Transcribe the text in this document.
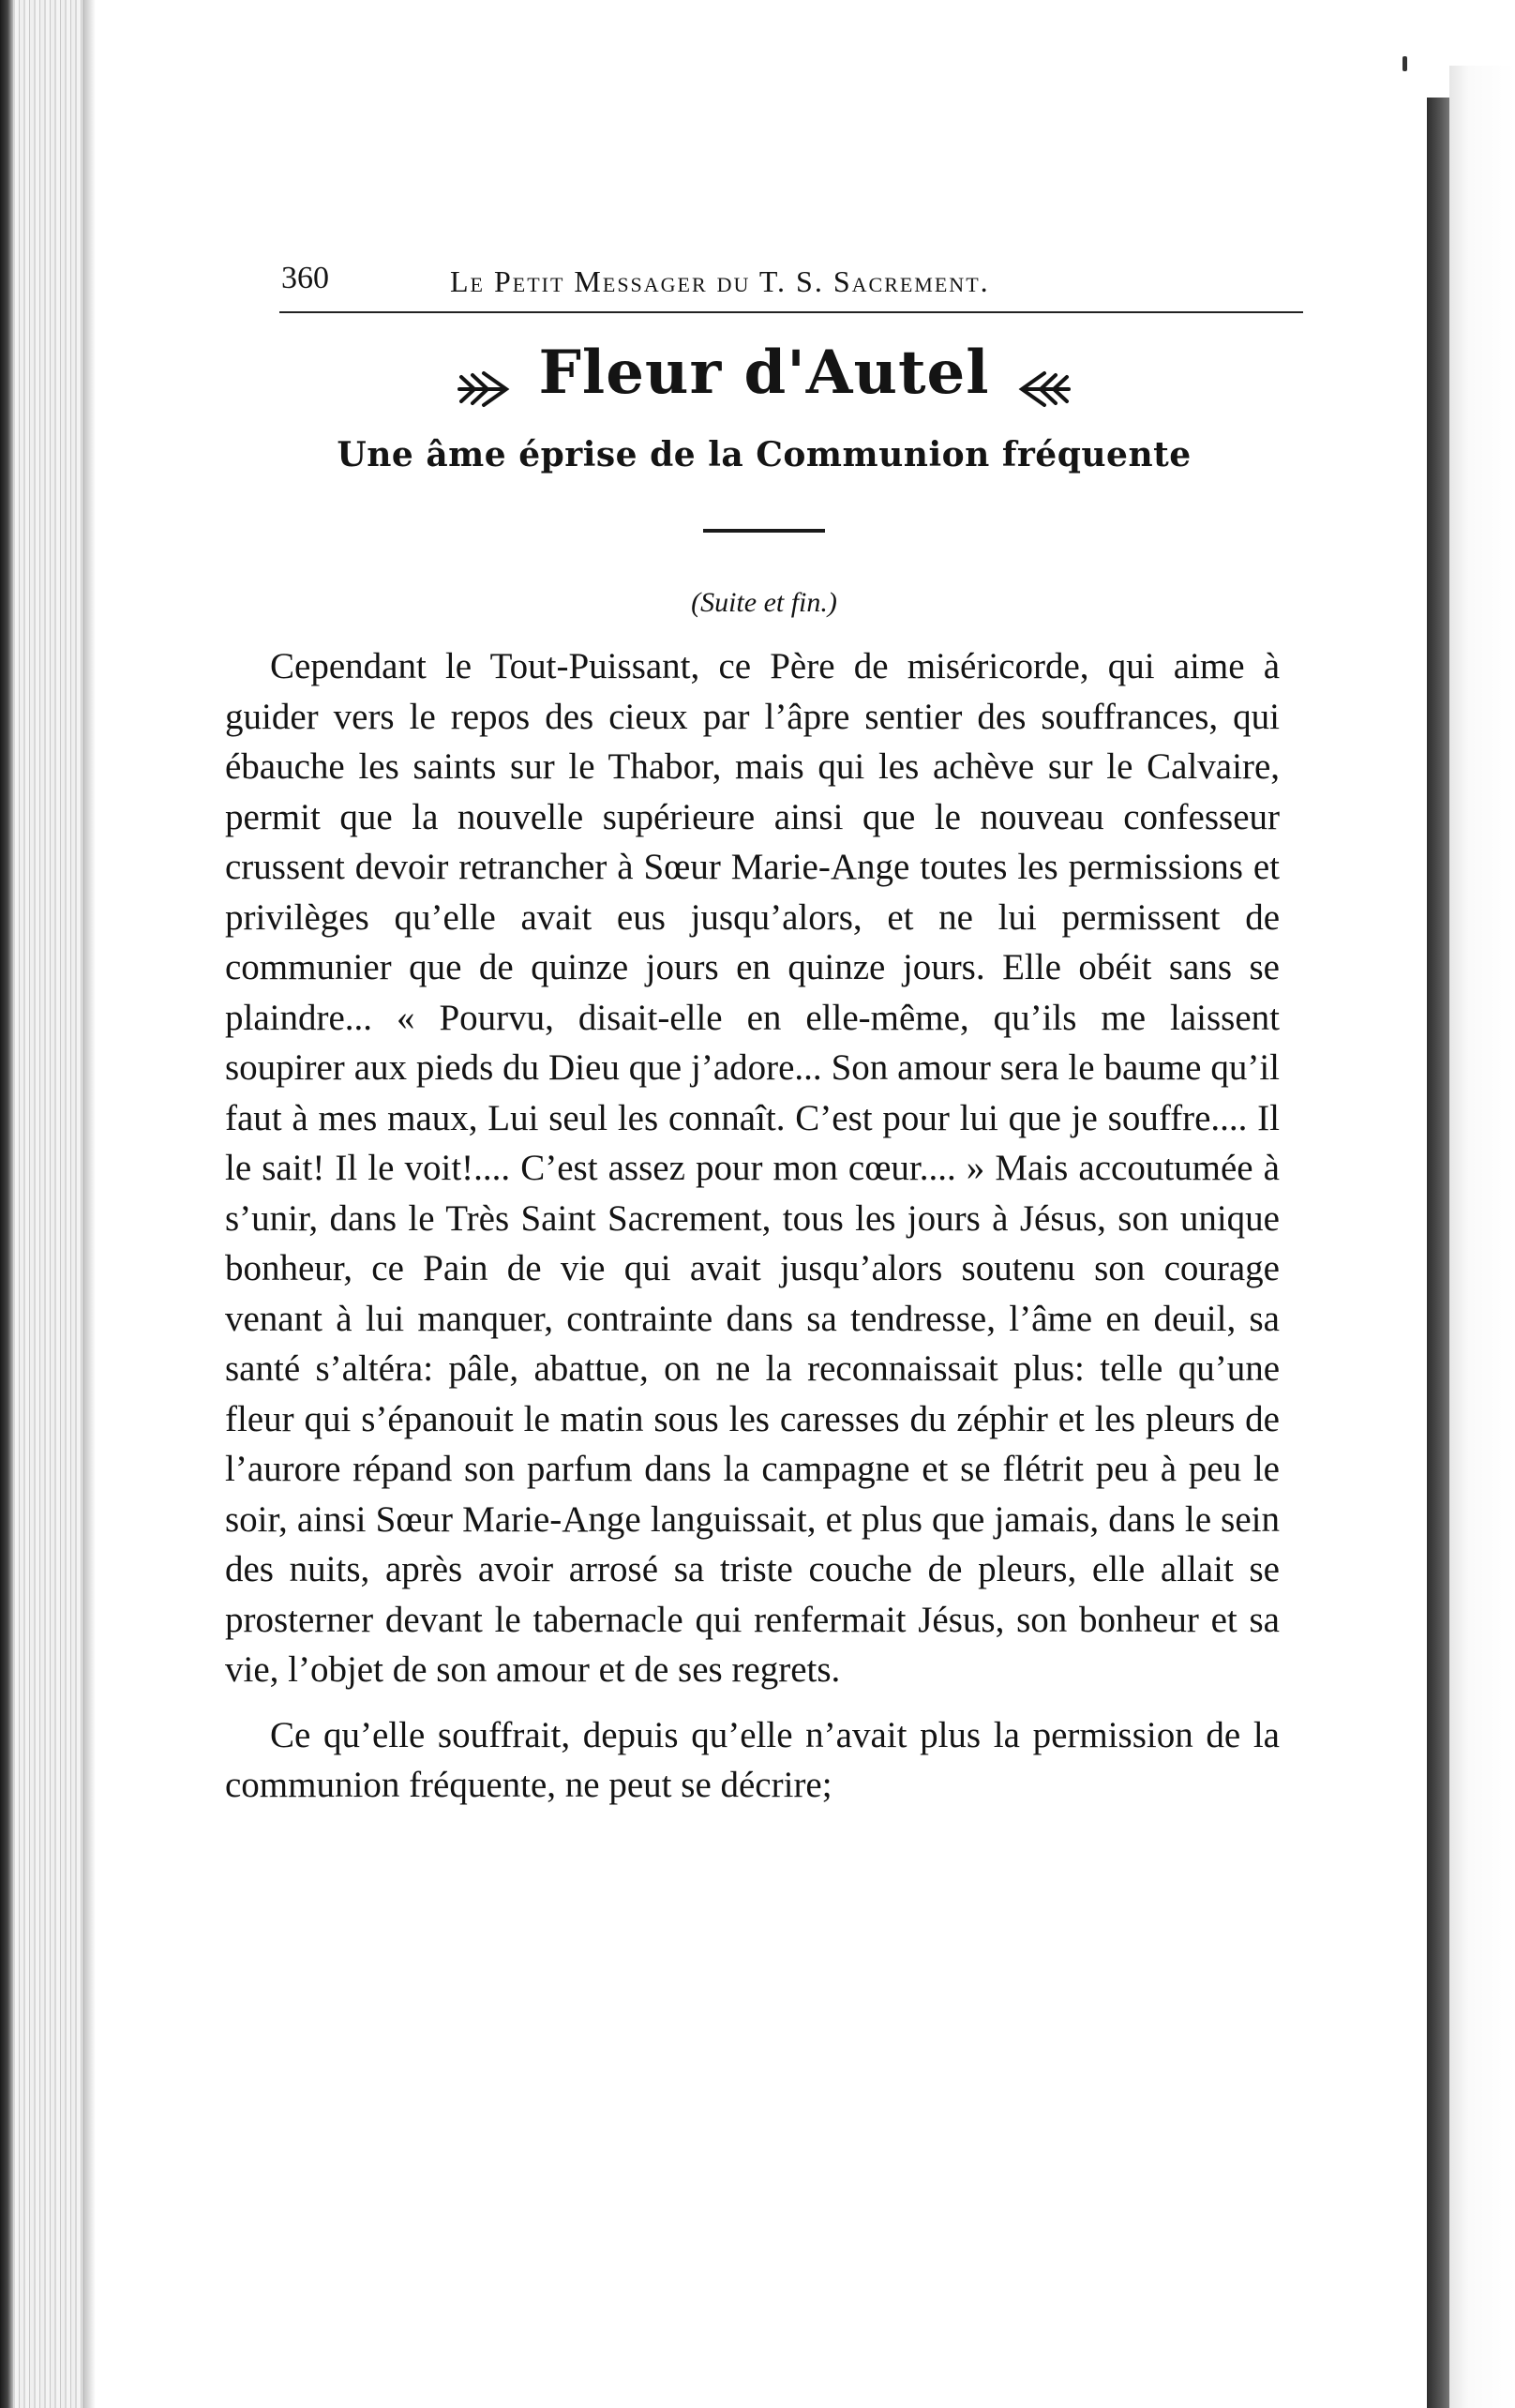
360	Le Petit Messager du T. S. Sacrement.
Fleur d'Autel
Une âme éprise de la Communion fréquente
(Suite et fin.)

Cependant le Tout-Puissant, ce Père de miséricorde, qui aime à guider vers le repos des cieux par l’âpre sentier des souffrances, qui ébauche les saints sur le Thabor, mais qui les achève sur le Calvaire, permit que la nouvelle supérieure ainsi que le nouveau confesseur crussent devoir retrancher à Sœur Marie-Ange toutes les permissions et privilèges qu’elle avait eus jusqu’alors, et ne lui permissent de communier que de quinze jours en quinze jours. Elle obéit sans se plaindre... « Pourvu, disait-elle en elle-même, qu’ils me laissent soupirer aux pieds du Dieu que j’adore... Son amour sera le baume qu’il faut à mes maux, Lui seul les connaît. C’est pour lui que je souffre.... Il le sait! Il le voit!.... C’est assez pour mon cœur.... » Mais accoutumée à s’unir, dans le Très Saint Sacrement, tous les jours à Jésus, son unique bonheur, ce Pain de vie qui avait jusqu’alors soutenu son courage venant à lui manquer, contrainte dans sa tendresse, l’âme en deuil, sa santé s’altéra: pâle, abattue, on ne la reconnaissait plus: telle qu’une fleur qui s’épanouit le matin sous les caresses du zéphir et les pleurs de l’aurore répand son parfum dans la campagne et se flétrit peu à peu le soir, ainsi Sœur Marie-Ange languissait, et plus que jamais, dans le sein des nuits, après avoir arrosé sa triste couche de pleurs, elle allait se prosterner devant le tabernacle qui renfermait Jésus, son bonheur et sa vie, l’objet de son amour et de ses regrets.

Ce qu’elle souffrait, depuis qu’elle n’avait plus la permission de la communion fréquente, ne peut se décrire;
